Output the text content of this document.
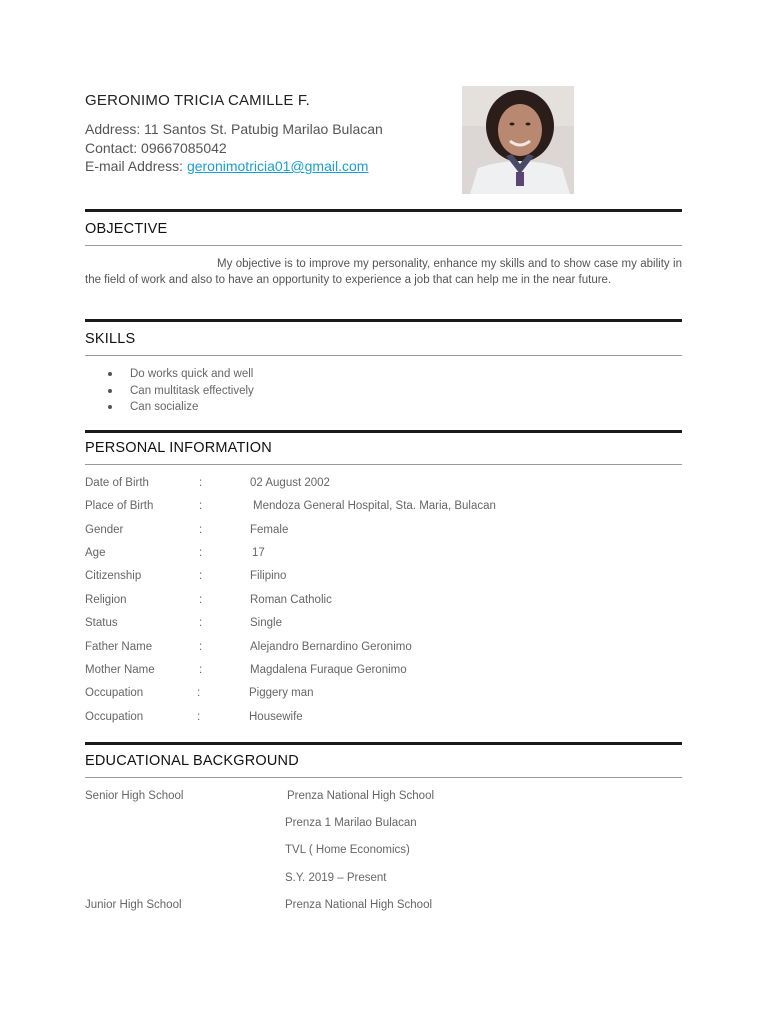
GERONIMO TRICIA CAMILLE F.
Address: 11 Santos St. Patubig Marilao Bulacan
Contact: 09667085042
E-mail Address: geronimotricia01@gmail.com
OBJECTIVE
My objective is to improve my personality, enhance my skills and to show case my ability in the field of work and also to have an opportunity to experience a job that can help me in the near future.
SKILLS
Do works quick and well
Can multitask effectively
Can socialize
PERSONAL INFORMATION
Date of Birth	:	02 August 2002
Place of Birth	:	Mendoza General Hospital, Sta. Maria, Bulacan
Gender	:	Female
Age	:	17
Citizenship	:	Filipino
Religion	:	Roman Catholic
Status	:	Single
Father Name	:	Alejandro Bernardino Geronimo
Mother Name	:	Magdalena Furaque Geronimo
Occupation	:	Piggery man
Occupation	:	Housewife
EDUCATIONAL BACKGROUND
Senior High School	Prenza National High School
Prenza 1 Marilao Bulacan
TVL ( Home Economics)
S.Y. 2019 – Present
Junior High School	Prenza National High School
